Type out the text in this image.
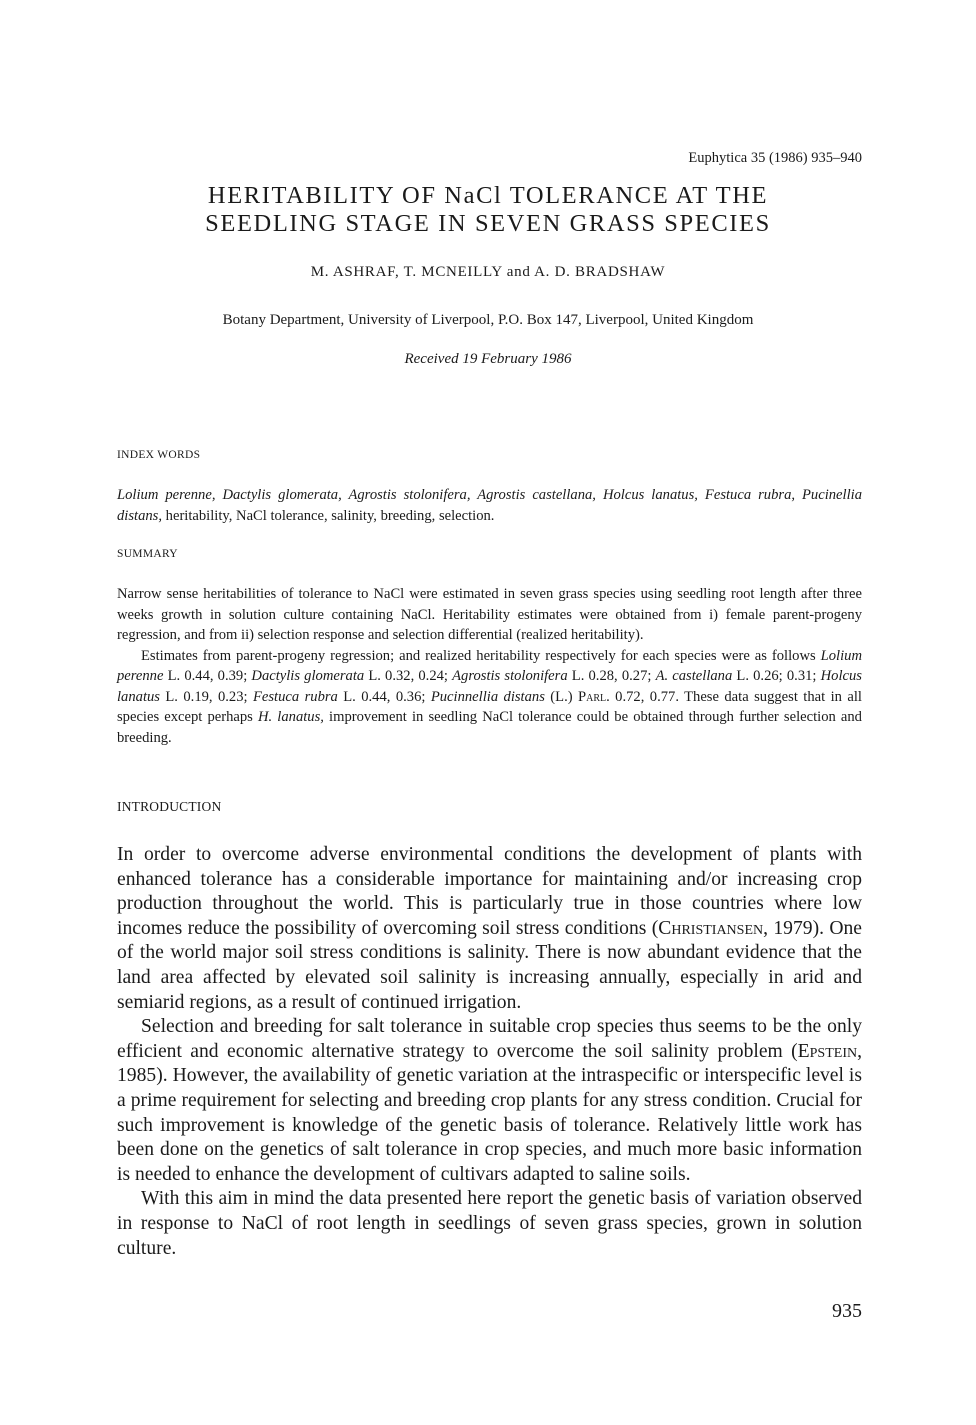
Euphytica 35 (1986) 935–940
HERITABILITY OF NaCl TOLERANCE AT THE
SEEDLING STAGE IN SEVEN GRASS SPECIES
M. ASHRAF, T. MCNEILLY and A. D. BRADSHAW
Botany Department, University of Liverpool, P.O. Box 147, Liverpool, United Kingdom
Received 19 February 1986
INDEX WORDS

Lolium perenne, Dactylis glomerata, Agrostis stolonifera, Agrostis castellana, Holcus lanatus, Festuca rubra, Pucinellia distans, heritability, NaCl tolerance, salinity, breeding, selection.

SUMMARY

Narrow sense heritabilities of tolerance to NaCl were estimated in seven grass species using seedling root length after three weeks growth in solution culture containing NaCl. Heritability estimates were obtained from i) female parent-progeny regression, and from ii) selection response and selection differential (realized heritability).

Estimates from parent-progeny regression; and realized heritability respectively for each species were as follows Lolium perenne L. 0.44, 0.39; Dactylis glomerata L. 0.32, 0.24; Agrostis stolonifera L. 0.28, 0.27; A. castellana L. 0.26; 0.31; Holcus lanatus L. 0.19, 0.23; Festuca rubra L. 0.44, 0.36; Pucinnellia distans (L.) Parl. 0.72, 0.77. These data suggest that in all species except perhaps H. lanatus, improvement in seedling NaCl tolerance could be obtained through further selection and breeding.

INTRODUCTION

In order to overcome adverse environmental conditions the development of plants with enhanced tolerance has a considerable importance for maintaining and/or increasing crop production throughout the world. This is particularly true in those countries where low incomes reduce the possibility of overcoming soil stress conditions (Christiansen, 1979). One of the world major soil stress conditions is salinity. There is now abundant evidence that the land area affected by elevated soil salinity is increasing annually, especially in arid and semiarid regions, as a result of continued irrigation.

Selection and breeding for salt tolerance in suitable crop species thus seems to be the only efficient and economic alternative strategy to overcome the soil salinity problem (Epstein, 1985). However, the availability of genetic variation at the intraspecific or interspecific level is a prime requirement for selecting and breeding crop plants for any stress condition. Crucial for such improvement is knowledge of the genetic basis of tolerance. Relatively little work has been done on the genetics of salt tolerance in crop species, and much more basic information is needed to enhance the development of cultivars adapted to saline soils.

With this aim in mind the data presented here report the genetic basis of variation observed in response to NaCl of root length in seedlings of seven grass species, grown in solution culture.

935
